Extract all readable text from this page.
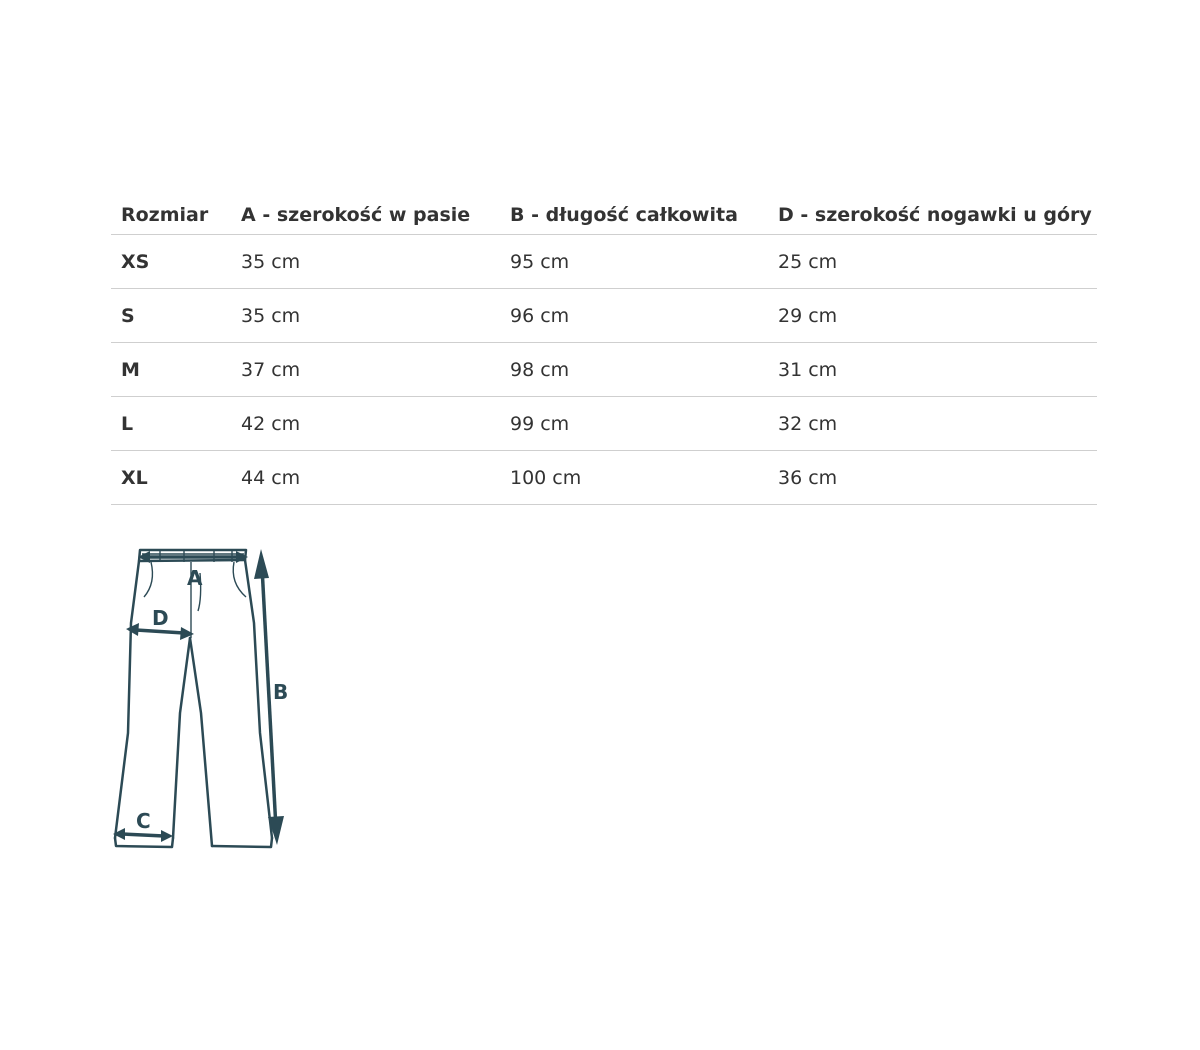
Rozmiar	A - szerokość w pasie	B - długość całkowita	D - szerokość nogawki u góry
XS	35 cm	95 cm	25 cm
S	35 cm	96 cm	29 cm
M	37 cm	98 cm	31 cm
L	42 cm	99 cm	32 cm
XL	44 cm	100 cm	36 cm
A
D
B
C
